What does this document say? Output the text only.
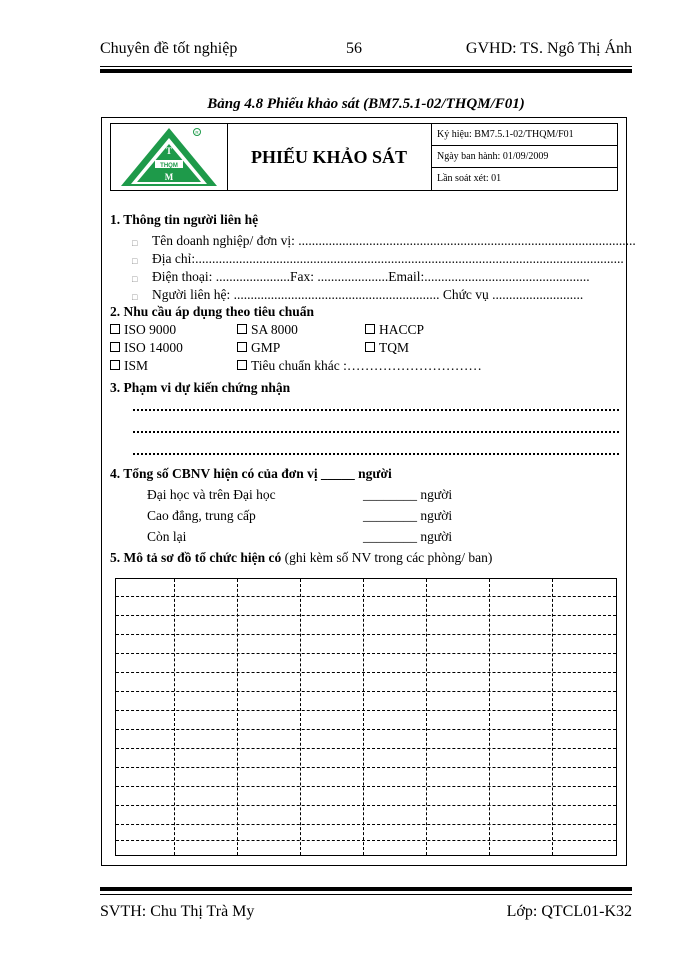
Chuyên đề tốt nghiệp	56	GVHD: TS. Ngô Thị Ánh
Bảng 4.8 Phiếu khảo sát (BM7.5.1-02/THQM/F01)
THQM
T
M
R
PHIẾU KHẢO SÁT
Ký hiệu: BM7.5.1-02/THQM/F01
Ngày ban hành: 01/09/2009
Lần soát xét: 01
1. Thông tin người liên hệ
□ Tên doanh nghiệp/ đơn vị: ....................................................................................................
□ Địa chỉ:...............................................................................................................................
□ Điện thoại: ......................Fax: .....................Email:.................................................
□ Người liên hệ: ............................................................. Chức vụ ...........................
2. Nhu cầu áp dụng theo tiêu chuẩn
ISO 9000	SA 8000	HACCP
ISO 14000	GMP	TQM
ISM	Tiêu chuẩn khác :…………………………
3. Phạm vi dự kiến chứng nhận
4. Tổng số CBNV hiện có của đơn vị _____ người
Đại học và trên Đại học	________ người
Cao đẳng, trung cấp	________ người
Còn lại	________ người
5. Mô tả sơ đồ tổ chức hiện có (ghi kèm số NV trong các phòng/ ban)
SVTH: Chu Thị Trà My	Lớp: QTCL01-K32
